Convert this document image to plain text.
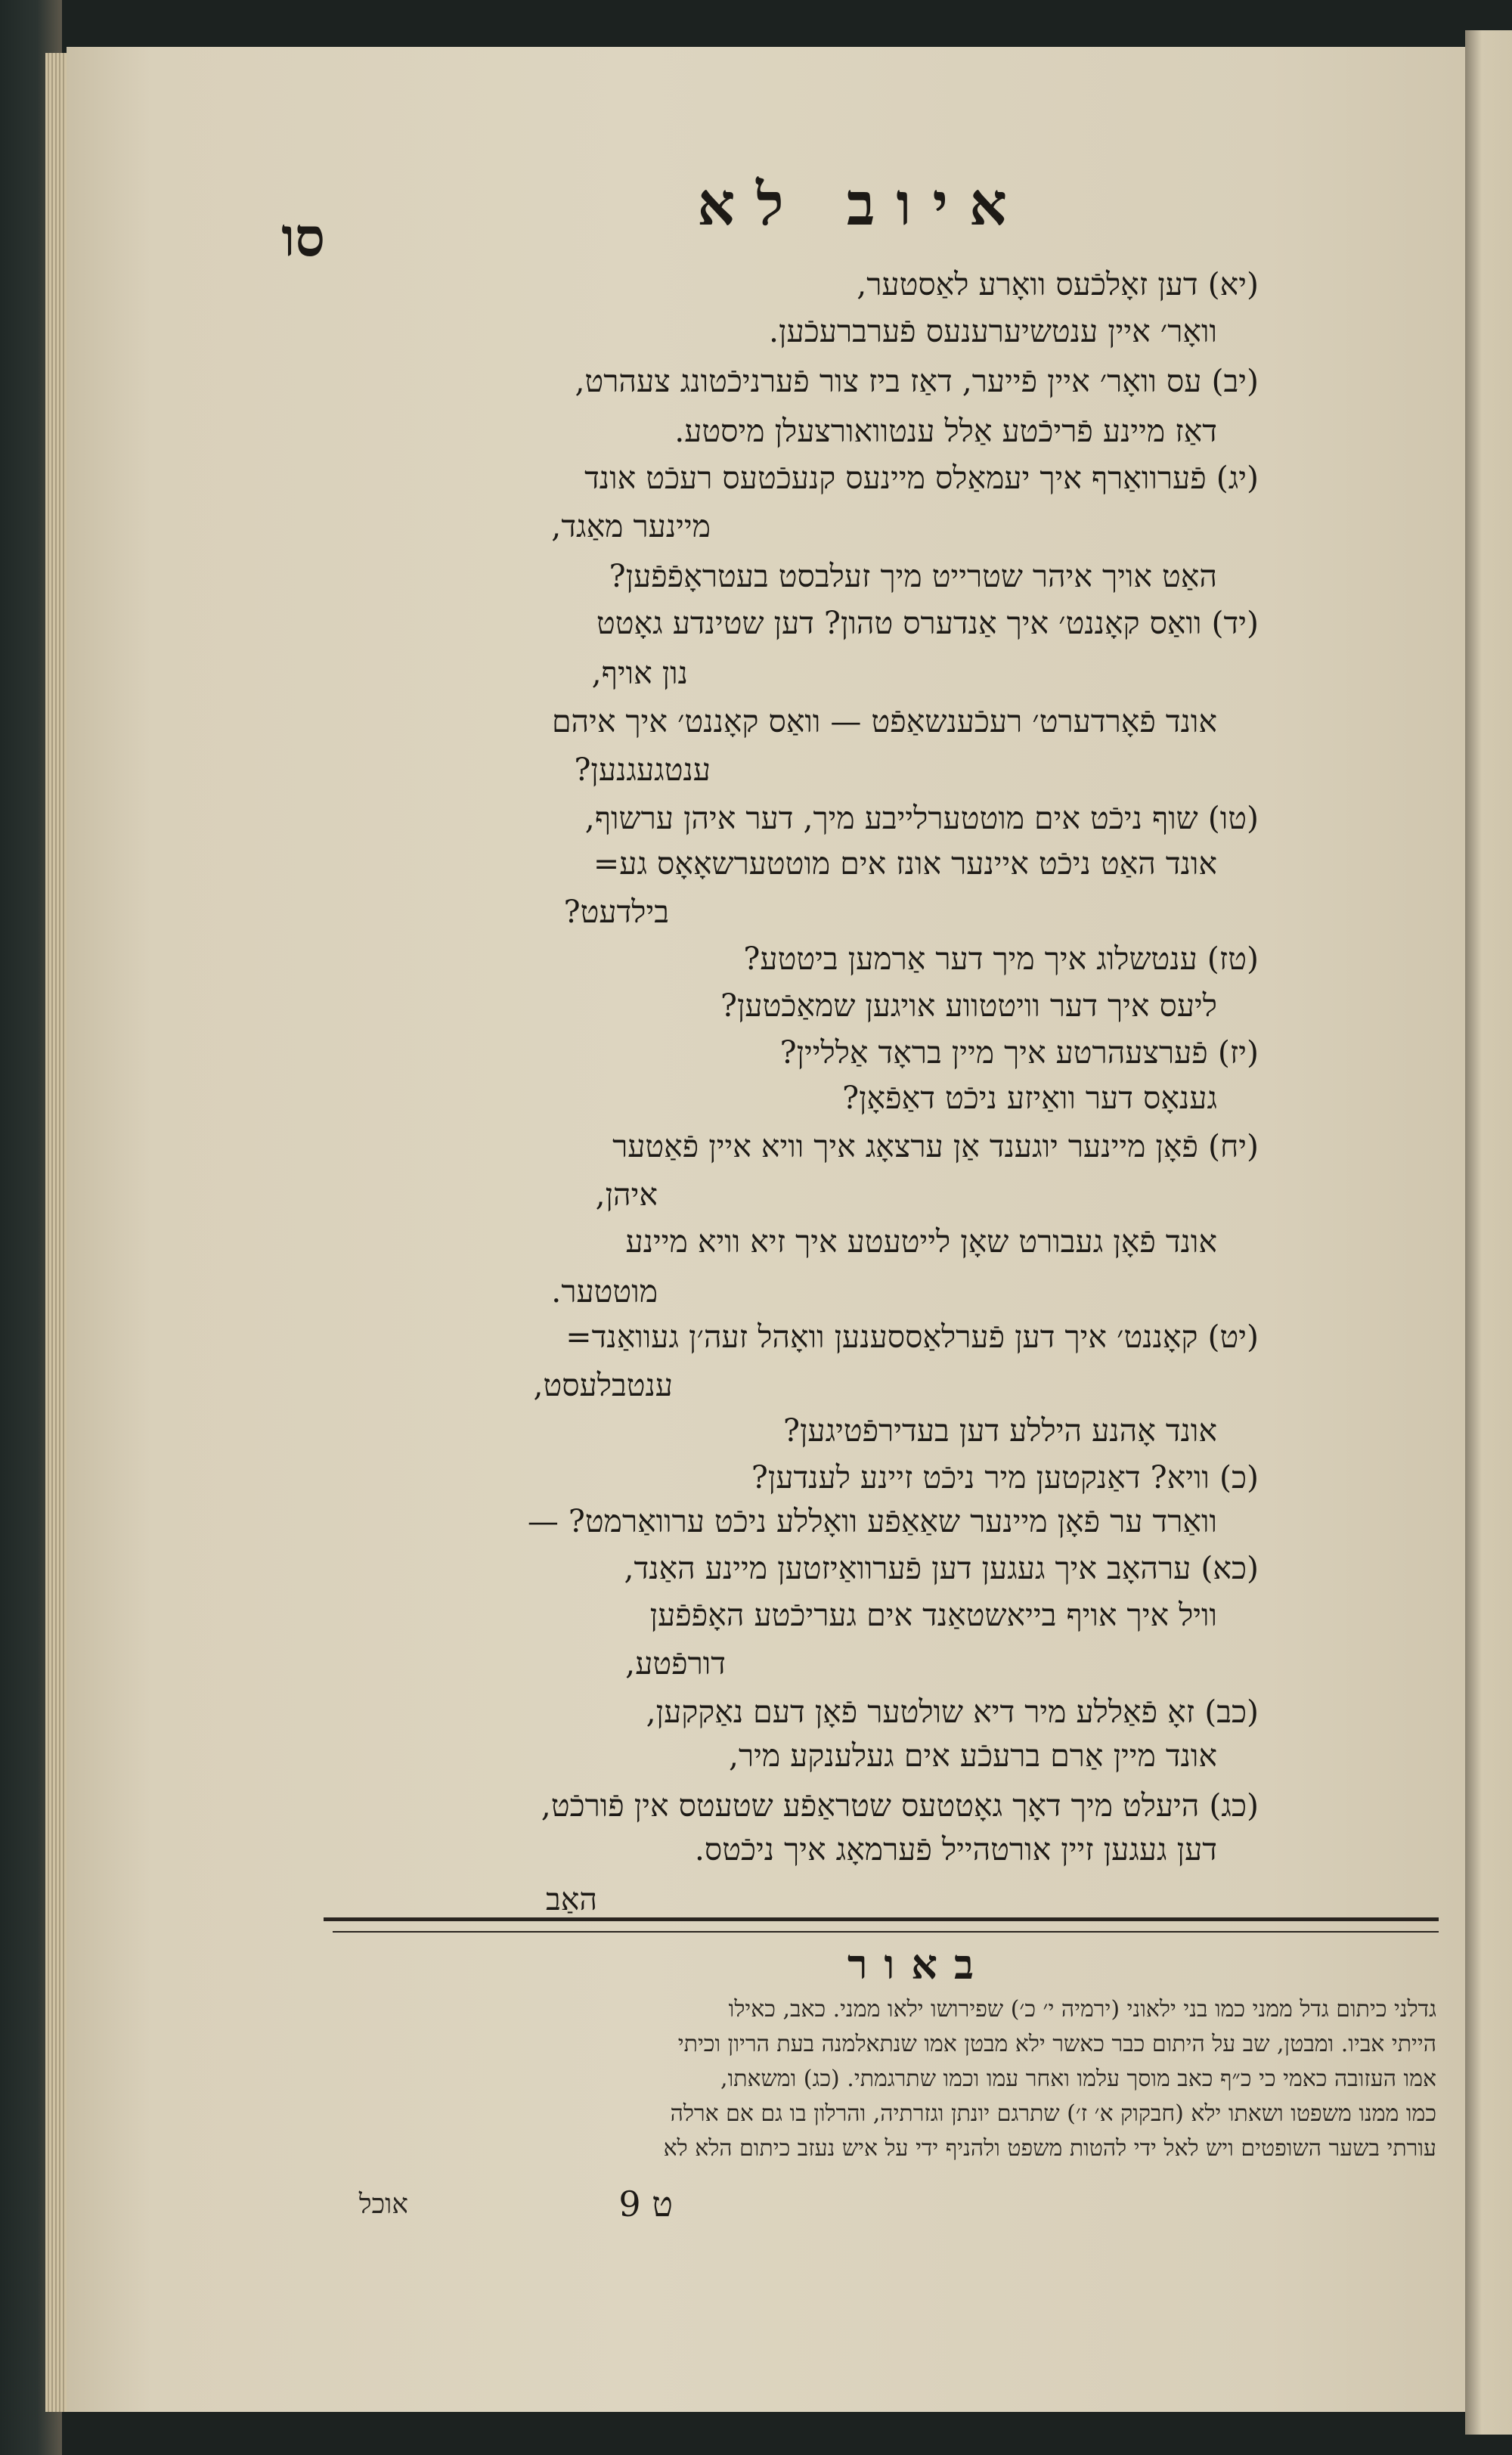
איוב לא

סו

(יא) דען זאָלכֿעס וואָרע לאַסטער,

וואָר׳ איין ענטשיערענעס פֿערברעכֿען.

(יב) עס וואָר׳ איין פֿייער, דאַז ביז צור פֿערניכֿטונג צעהרט,

דאַז מיינע פֿריכֿטע אַלל ענטוואורצעלן מיסטע.

(יג) פֿערוואַרף איך יעמאַלס מיינעס קנעכֿטעס רעכֿט אונד

מיינער מאַגד,

האַט אויך איהר שטרייט מיך זעלבסט בעטראָפֿפֿען?

(יד) וואַס קאָננט׳ איך אַנדערס טהון? דען שטינדע גאָטט

נון אויף,

אונד פֿאָרדערט׳ רעכֿענשאַפֿט — וואַס קאָננט׳ איך איהם

ענטגעגנען?

(טו) שוף ניכֿט אים מוטטערלייבע מיך, דער איהן ערשוף,

אונד האַט ניכֿט איינער אונז אים מוטטערשאָאָס גע=

בילדעט?

(טז) ענטשלוג איך מיך דער אַרמען ביטטע?

ליעס איך דער וויטטווע אויגען שמאַכֿטען?

(יז) פֿערצעהרטע איך מיין בראָד אַלליין?

גענאָס דער וואַיזע ניכֿט דאַפֿאָן?

(יח) פֿאָן מיינער יוגענד אַן ערצאָג איך וויא איין פֿאַטער

איהן,

אונד פֿאָן געבורט שאָן לייטעטע איך זיא וויא מיינע

מוטטער.

(יט) קאָננט׳ איך דען פֿערלאַססענען וואָהל זעה׳ן געוואַנד=

ענטבלעסט,

אונד אָהנע היללע דען בעדירפֿטיגען?

(כ) וויא? דאַנקטען מיר ניכֿט זיינע לענדען?

וואַרד ער פֿאָן מיינער שאַאַפֿע וואָללע ניכֿט ערוואַרמט? —

(כא) ערהאָב איך געגען דען פֿערוואַיזטען מיינע האַנד,

וויל איך אויף בייאשטאַנד אים געריכֿטע האָפֿפֿען

דורפֿטע,

(כב) זאָ פֿאַללע מיר דיא שולטער פֿאָן דעם נאַקקען,

אונד מיין אַרם ברעכֿע אים געלענקע מיר,

(כג) היעלט מיך דאָך גאָטטעס שטראַפֿע שטעטס אין פֿורכֿט,

דען געגען זיין אורטהייל פֿערמאָג איך ניכֿטס.

האַב

באור

גדלני כיתום גדל ממני כמו בני ילאוני (ירמיה י׳ כ׳) שפירושו ילאו ממני. כאב, כאילו

הייתי אביו. ומבטן, שב על היתום כבר כאשר ילא מבטן אמו שנתאלמנה בעת הריון וכיתי

אמו העזובה כאמי כי כ״ף כאב מוסך עלמו ואחר עמו וכמו שתרגמתי. (כג) ומשאתו,

כמו ממנו משפטו ושאתו ילא (חבקוק א׳ ז׳) שתרגם יונתן וגזרתיה, והרלון בו גם אם ארלה

עורתי בשער השופטים ויש לאל ידי להטות משפט ולהניף ידי על איש נעזב כיתום הלא לא

ט 9

אוכל
